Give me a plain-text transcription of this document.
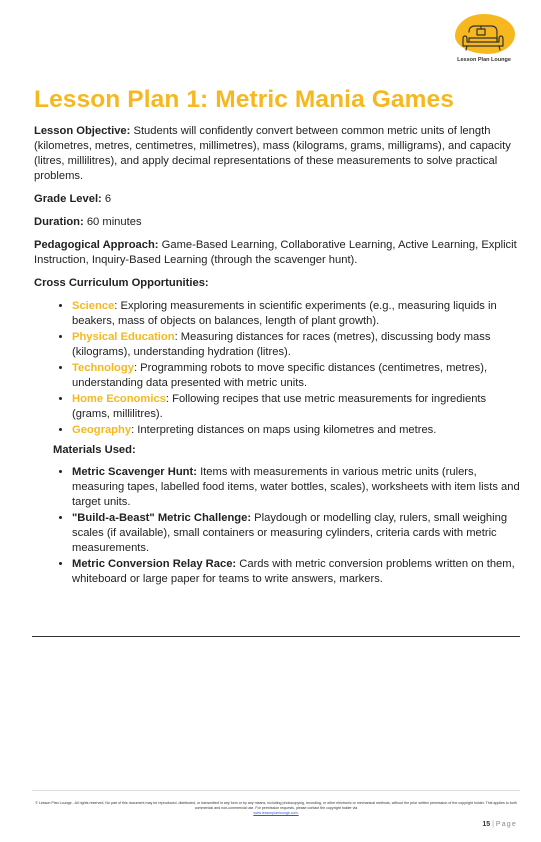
Lesson Plan Lounge
Lesson Plan 1: Metric Mania Games

Lesson Objective: Students will confidently convert between common metric units of length (kilometres, metres, centimetres, millimetres), mass (kilograms, grams, milligrams), and capacity (litres, millilitres), and apply decimal representations of these measurements to solve practical problems.

Grade Level: 6

Duration: 60 minutes

Pedagogical Approach: Game-Based Learning, Collaborative Learning, Active Learning, Explicit Instruction, Inquiry-Based Learning (through the scavenger hunt).

Cross Curriculum Opportunities:

• Science: Exploring measurements in scientific experiments (e.g., measuring liquids in beakers, mass of objects on balances, length of plant growth).
• Physical Education: Measuring distances for races (metres), discussing body mass (kilograms), understanding hydration (litres).
• Technology: Programming robots to move specific distances (centimetres, metres), understanding data presented with metric units.
• Home Economics: Following recipes that use metric measurements for ingredients (grams, millilitres).
• Geography: Interpreting distances on maps using kilometres and metres.
Materials Used:
• Metric Scavenger Hunt: Items with measurements in various metric units (rulers, measuring tapes, labelled food items, water bottles, scales), worksheets with item lists and target units.
• "Build-a-Beast" Metric Challenge: Playdough or modelling clay, rulers, small weighing scales (if available), small containers or measuring cylinders, criteria cards with metric measurements.
• Metric Conversion Relay Race: Cards with metric conversion problems written on them, whiteboard or large paper for teams to write answers, markers.
© Lesson Plan Lounge - All rights reserved. No part of this document may be reproduced, distributed, or transmitted in any form or by any means, including photocopying, recording, or other electronic or mechanical methods, without the prior written permission of the copyright holder. This applies to both commercial and non-commercial use. For permission requests, please contact the copyright holder via
www.lessonplanlounge.com.
15 | Page
